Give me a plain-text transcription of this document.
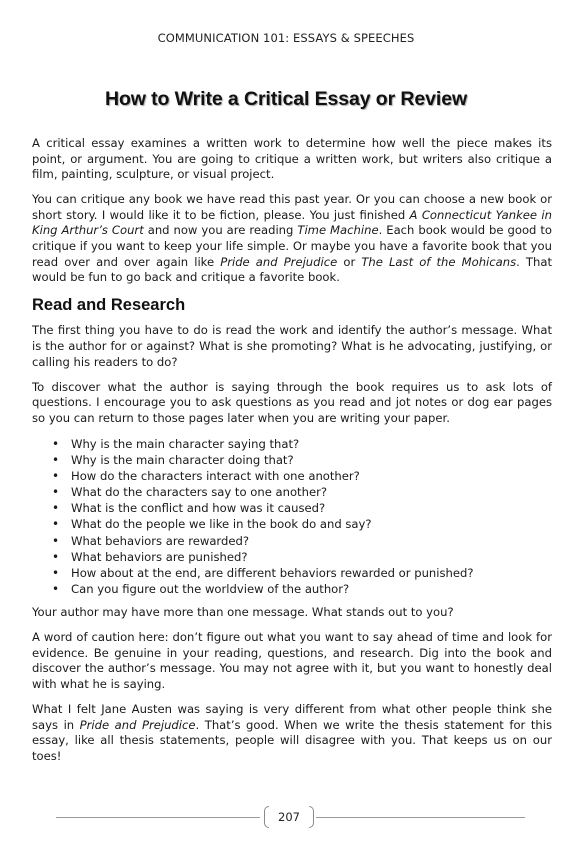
COMMUNICATION 101: ESSAYS & SPEECHES
How to Write a Critical Essay or Review

A critical essay examines a written work to determine how well the piece makes its point, or argument. You are going to critique a written work, but writers also critique a film, painting, sculpture, or visual project.

You can critique any book we have read this past year. Or you can choose a new book or short story. I would like it to be fiction, please. You just finished A Connecticut Yankee in King Arthur’s Court and now you are reading Time Machine. Each book would be good to critique if you want to keep your life simple. Or maybe you have a favorite book that you read over and over again like Pride and Prejudice or The Last of the Mohicans. That would be fun to go back and critique a favorite book.

Read and Research

The first thing you have to do is read the work and identify the author’s message. What is the author for or against? What is she promoting? What is he advocating, justifying, or calling his readers to do?

To discover what the author is saying through the book requires us to ask lots of questions. I encourage you to ask questions as you read and jot notes or dog ear pages so you can return to those pages later when you are writing your paper.

• Why is the main character saying that?
• Why is the main character doing that?
• How do the characters interact with one another?
• What do the characters say to one another?
• What is the conflict and how was it caused?
• What do the people we like in the book do and say?
• What behaviors are rewarded?
• What behaviors are punished?
• How about at the end, are different behaviors rewarded or punished?
• Can you figure out the worldview of the author?

Your author may have more than one message. What stands out to you?

A word of caution here: don’t figure out what you want to say ahead of time and look for evidence. Be genuine in your reading, questions, and research. Dig into the book and discover the author’s message. You may not agree with it, but you want to honestly deal with what he is saying.

What I felt Jane Austen was saying is very different from what other people think she says in Pride and Prejudice. That’s good. When we write the thesis statement for this essay, like all thesis statements, people will disagree with you. That keeps us on our toes!

207
